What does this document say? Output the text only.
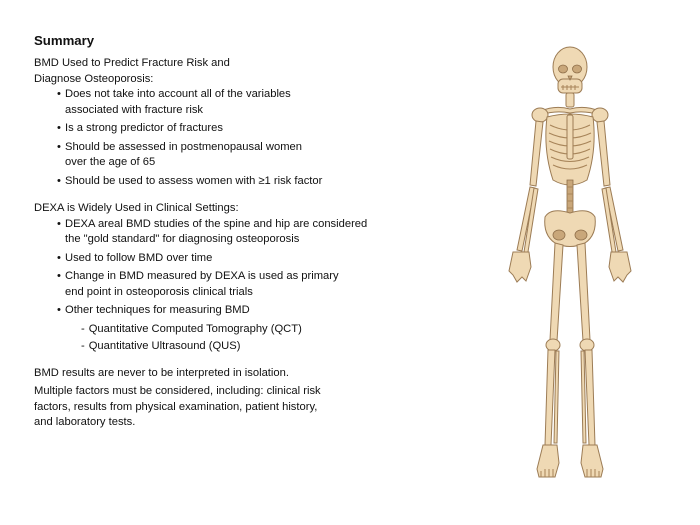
Summary

BMD Used to Predict Fracture Risk and

Diagnose Osteoporosis:

• Does not take into account all of the variables
associated with fracture risk
• Is a strong predictor of fractures
• Should be assessed in postmenopausal women
over the age of 65
• Should be used to assess women with ≥1 risk factor

DEXA is Widely Used in Clinical Settings:

• DEXA areal BMD studies of the spine and hip are considered
the "gold standard" for diagnosing osteoporosis
• Used to follow BMD over time
• Change in BMD measured by DEXA is used as primary
end point in osteoporosis clinical trials
• Other techniques for measuring BMD
- Quantitative Computed Tomography (QCT)
- Quantitative Ultrasound (QUS)

BMD results are never to be interpreted in isolation.

Multiple factors must be considered, including: clinical risk

factors, results from physical examination, patient history,

and laboratory tests.
